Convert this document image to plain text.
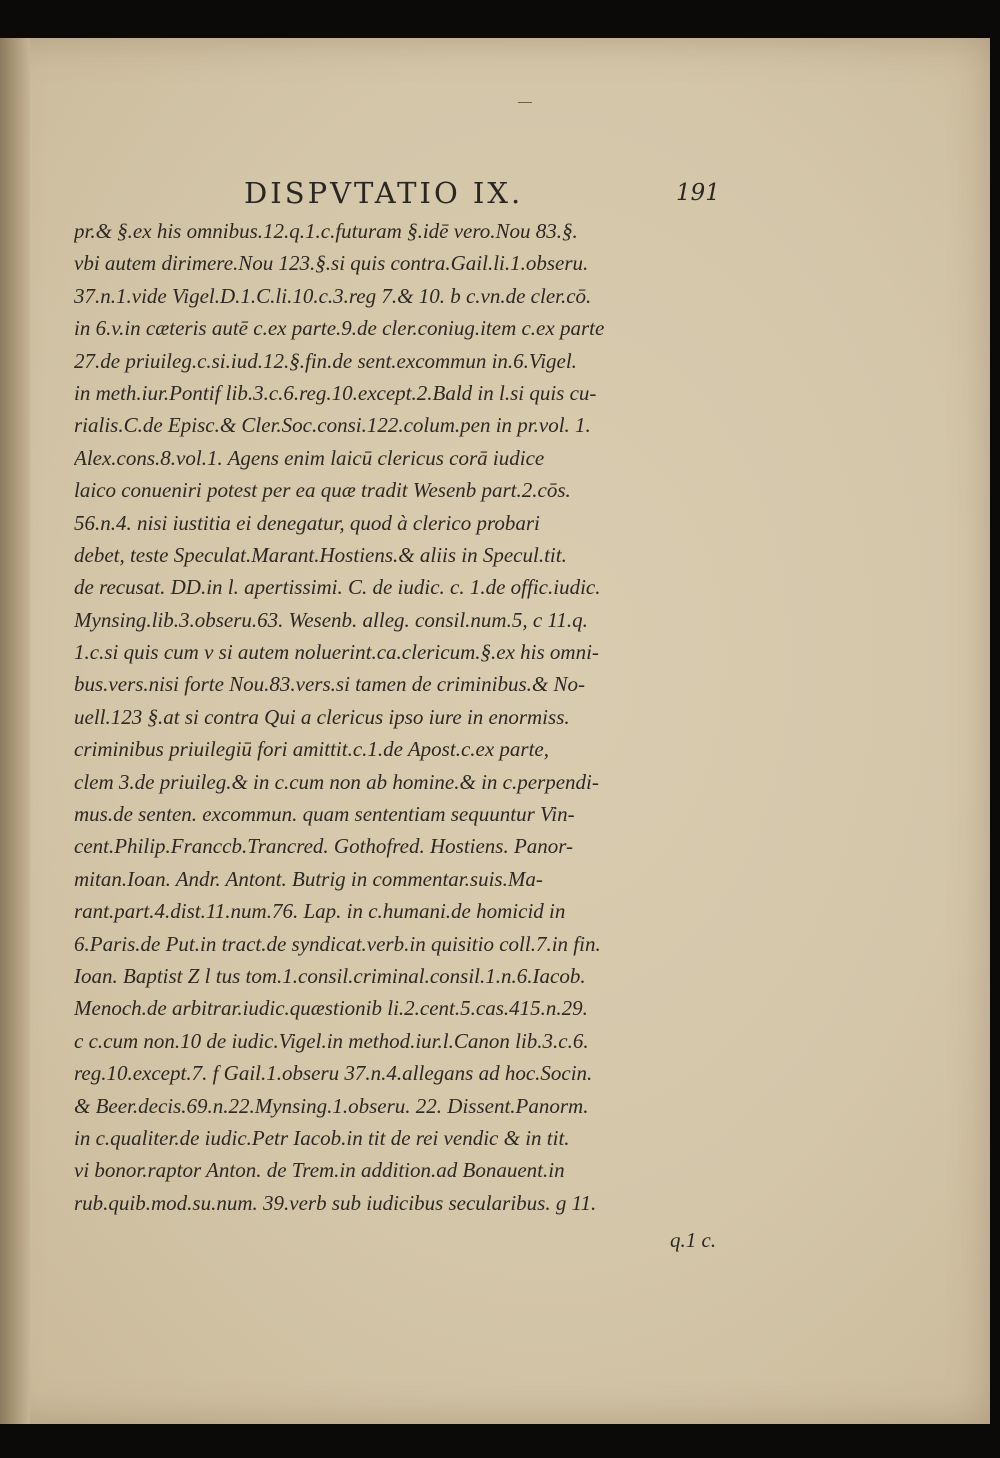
DISPVTATIO IX.	191
pr.& §.ex his omnibus.12.q.1.c.futuram §.idē vero.Nou 83.§.
vbi autem dirimere.Nou 123.§.si quis contra.Gail.li.1.obseru.
37.n.1.vide Vigel.D.1.C.li.10.c.3.reg 7.& 10. b c.vn.de cler.cō.
in 6.v.in cæteris autē c.ex parte.9.de cler.coniug.item c.ex parte
27.de priuileg.c.si.iud.12.§.fin.de sent.excommun in.6.Vigel.
in meth.iur.Pontif lib.3.c.6.reg.10.except.2.Bald in l.si quis cu-
rialis.C.de Episc.& Cler.Soc.consi.122.colum.pen in pr.vol. 1.
Alex.cons.8.vol.1. Agens enim laicū clericus corā iudice
laico conueniri potest per ea quæ tradit Wesenb part.2.cōs.
56.n.4. nisi iustitia ei denegatur, quod à clerico probari
debet, teste Speculat.Marant.Hostiens.& aliis in Specul.tit.
de recusat. DD.in l. apertissimi. C. de iudic. c. 1.de offic.iudic.
Mynsing.lib.3.obseru.63. Wesenb. alleg. consil.num.5, c 11.q.
1.c.si quis cum v si autem noluerint.ca.clericum.§.ex his omni-
bus.vers.nisi forte Nou.83.vers.si tamen de criminibus.& No-
uell.123 §.at si contra Qui a clericus ipso iure in enormiss.
criminibus priuilegiū fori amittit.c.1.de Apost.c.ex parte,
clem 3.de priuileg.& in c.cum non ab homine.& in c.perpendi-
mus.de senten. excommun. quam sententiam sequuntur Vin-
cent.Philip.Franccb.Trancred. Gothofred. Hostiens. Panor-
mitan.Ioan. Andr. Antont. Butrig in commentar.suis.Ma-
rant.part.4.dist.11.num.76. Lap. in c.humani.de homicid in
6.Paris.de Put.in tract.de syndicat.verb.in quisitio coll.7.in fin.
Ioan. Baptist Z l tus tom.1.consil.criminal.consil.1.n.6.Iacob.
Menoch.de arbitrar.iudic.quæstionib li.2.cent.5.cas.415.n.29.
c c.cum non.10 de iudic.Vigel.in method.iur.l.Canon lib.3.c.6.
reg.10.except.7. f Gail.1.obseru 37.n.4.allegans ad hoc.Socin.
& Beer.decis.69.n.22.Mynsing.1.obseru. 22. Dissent.Panorm.
in c.qualiter.de iudic.Petr Iacob.in tit de rei vendic & in tit.
vi bonor.raptor Anton. de Trem.in addition.ad Bonauent.in
rub.quib.mod.su.num. 39.verb sub iudicibus secularibus. g 11.
q.1 c.
